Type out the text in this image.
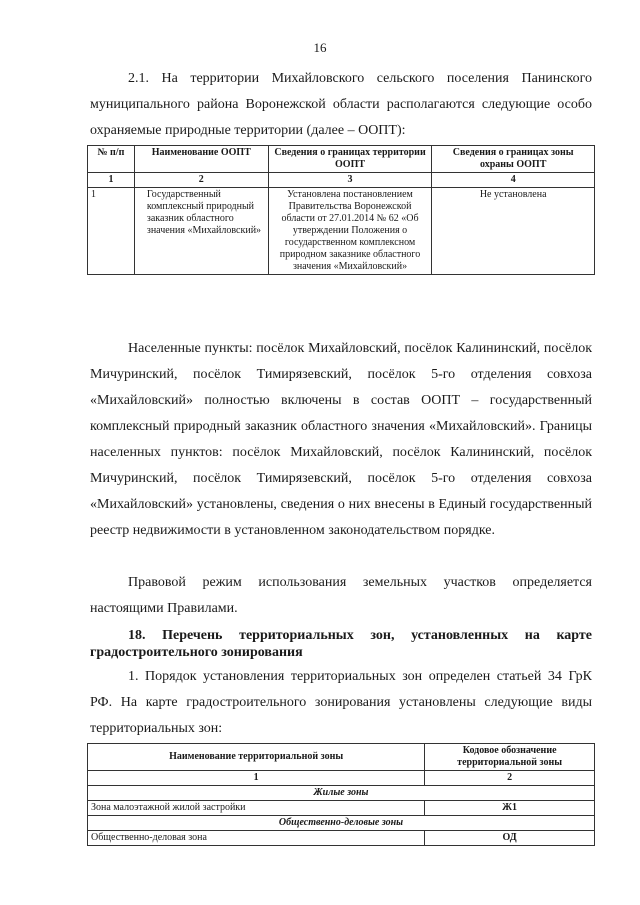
16

2.1. На территории Михайловского сельского поселения Панинского муниципального района Воронежской области располагаются следующие особо охраняемые природные территории (далее – ООПТ):

№ п/п	Наименование ООПТ	Сведения о границах территории ООПТ	Сведения о границах зоны охраны ООПТ
1	2	3	4
1	Государственный комплексный природный заказник областного значения «Михайловский»	Установлена постановлением Правительства Воронежской области от 27.01.2014 № 62 «Об утверждении Положения о государственном комплексном природном заказнике областного значения «Михайловский»	Не установлена

Населенные пункты: посёлок Михайловский, посёлок Калининский, посёлок Мичуринский, посёлок Тимирязевский, посёлок 5-го отделения совхоза «Михайловский» полностью включены в состав ООПТ – государственный комплексный природный заказник областного значения «Михайловский». Границы населенных пунктов: посёлок Михайловский, посёлок Калининский, посёлок Мичуринский, посёлок Тимирязевский, посёлок 5-го отделения совхоза «Михайловский» установлены, сведения о них внесены в Единый государственный реестр недвижимости в установленном законодательством порядке.

Правовой режим использования земельных участков определяется настоящими Правилами.

18. Перечень территориальных зон, установленных на карте градостроительного зонирования

1. Порядок установления территориальных зон определен статьей 34 ГрК РФ. На карте градостроительного зонирования установлены следующие виды территориальных зон:

Наименование территориальной зоны	Кодовое обозначение территориальной зоны
1	2
Жилые зоны	
Зона малоэтажной жилой застройки	Ж1
Общественно-деловые зоны	
Общественно-деловая зона	ОД
